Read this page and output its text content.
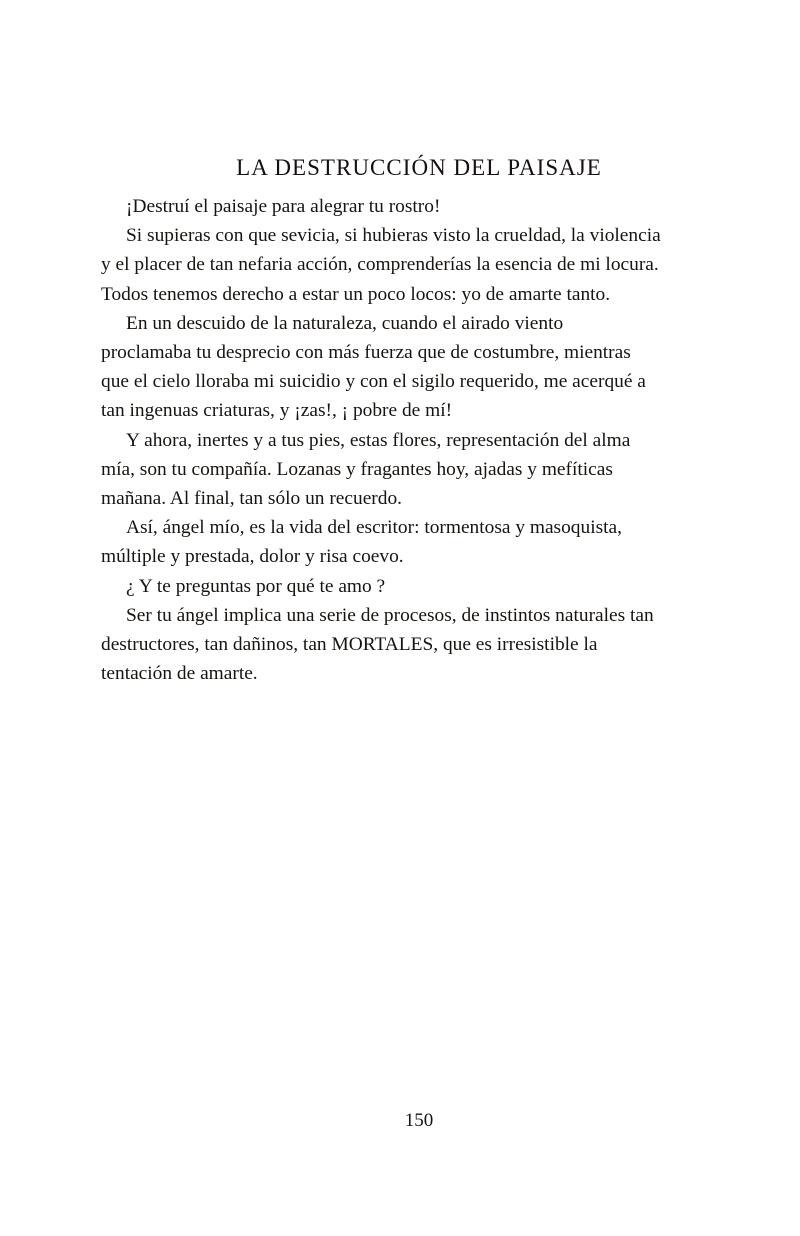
LA DESTRUCCIÓN DEL PAISAJE
¡Destruí el paisaje para alegrar tu rostro!
Si supieras con que sevicia, si hubieras visto la crueldad, la violencia
y el placer de tan nefaria acción, comprenderías la esencia de mi locura.
Todos tenemos derecho a estar un poco locos: yo de amarte tanto.
En un descuido de la naturaleza, cuando el airado viento
proclamaba tu desprecio con más fuerza que de costumbre, mientras
que el cielo lloraba mi suicidio y con el sigilo requerido, me acerqué a
tan ingenuas criaturas, y ¡zas!, ¡ pobre de mí!
Y ahora, inertes y a tus pies, estas flores, representación del alma
mía, son tu compañía. Lozanas y fragantes hoy, ajadas y mefíticas
mañana. Al final, tan sólo un recuerdo.
Así, ángel mío, es la vida del escritor: tormentosa y masoquista,
múltiple y prestada, dolor y risa coevo.
¿ Y te preguntas por qué te amo ?
Ser tu ángel implica una serie de procesos, de instintos naturales tan
destructores, tan dañinos, tan MORTALES, que es irresistible la
tentación de amarte.
150
